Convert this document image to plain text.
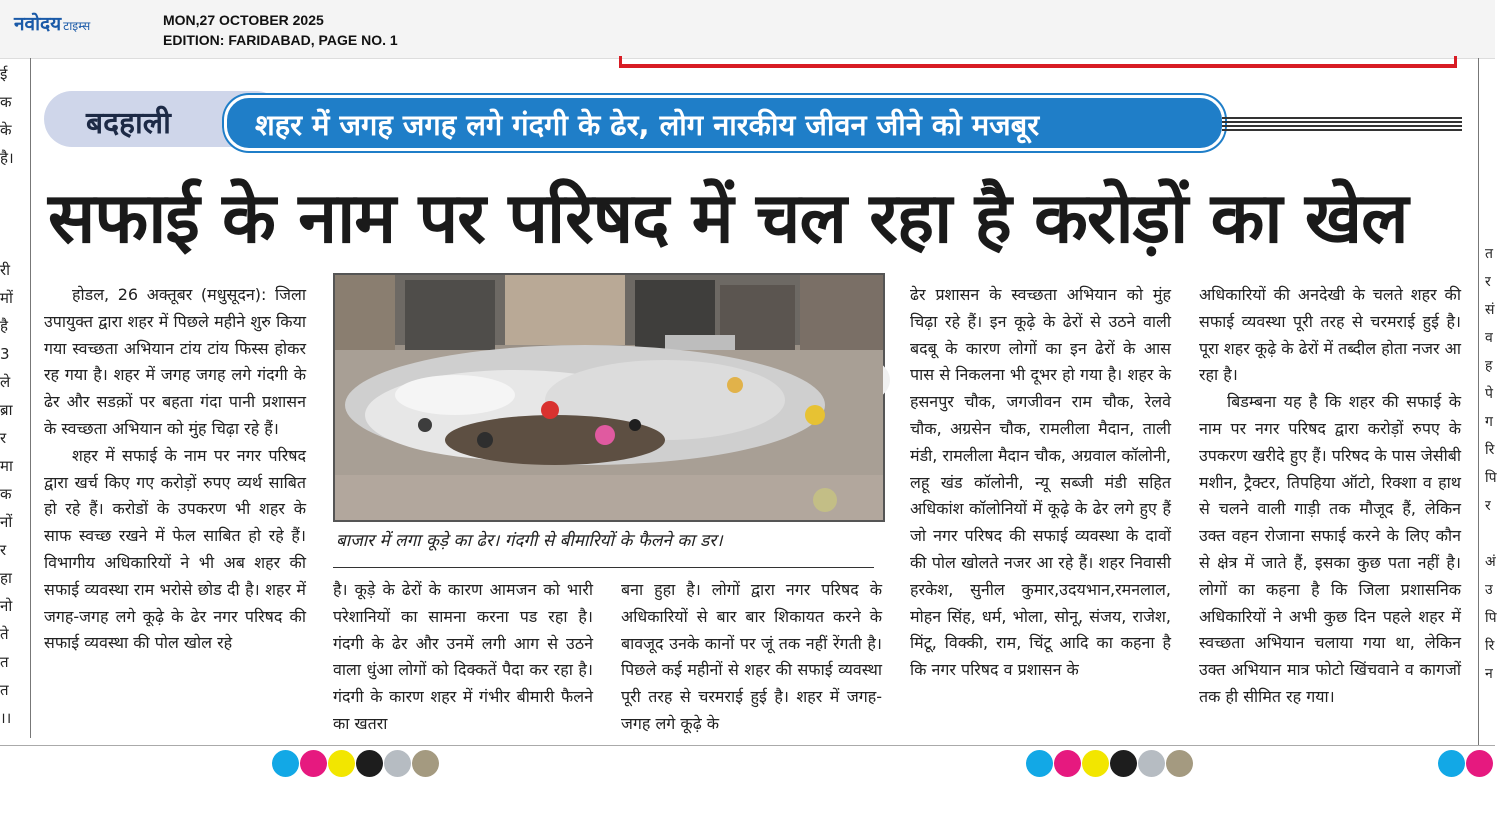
नवोदय टाइम्स	MON,27 OCTOBER 2025
EDITION: FARIDABAD, PAGE NO. 1
ई
क
के
है।

री
मों
है
3
ले
ब्रा
र
मा
क
नों
र
हा
नो
ते
त
त
।।
त
र
सं
व
ह
पे
ग
रि
पि
र

अं
उ
पि
रि
न
बदहाली	शहर में जगह जगह लगे गंदगी के ढेर, लोग नारकीय जीवन जीने को मजबूर
सफाई के नाम पर परिषद में चल रहा है करोड़ों का खेल

होडल, 26 अक्तूबर (मधुसूदन): जिला उपायुक्त द्वारा शहर में पिछले महीने शुरु किया गया स्वच्छता अभियान टांय टांय फिस्स होकर रह गया है। शहर में जगह जगह लगे गंदगी के ढेर और सडक़ों पर बहता गंदा पानी प्रशासन के स्वच्छता अभियान को मुंह चिढ़ा रहे हैं।

शहर में सफाई के नाम पर नगर परिषद द्वारा खर्च किए गए करोड़ों रुपए व्यर्थ साबित हो रहे हैं। करोडों के उपकरण भी शहर के साफ स्वच्छ रखने में फेल साबित हो रहे हैं। विभागीय अधिकारियों ने भी अब शहर की सफाई व्यवस्था राम भरोसे छोड दी है। शहर में जगह-जगह लगे कूढ़े के ढेर नगर परिषद की सफाई व्यवस्था की पोल खोल रहे

बाजार में लगा कूड़े का ढेर। गंदगी से बीमारियों के फैलने का डर।

है। कूड़े के ढेरों के कारण आमजन को भारी परेशानियों का सामना करना पड रहा है। गंदगी के ढेर और उनमें लगी आग से उठने वाला धुंआ लोगों को दिक्कतें पैदा कर रहा है। गंदगी के कारण शहर में गंभीर बीमारी फैलने का खतरा

बना हुहा है। लोगों द्वारा नगर परिषद के अधिकारियों से बार बार शिकायत करने के बावजूद उनके कानों पर जूं तक नहीं रेंगती है। पिछले कई महीनों से शहर की सफाई व्यवस्था पूरी तरह से चरमराई हुई है। शहर में जगह-जगह लगे कूढ़े के

ढेर प्रशासन के स्वच्छता अभियान को मुंह चिढ़ा रहे हैं। इन कूढ़े के ढेरों से उठने वाली बदबू के कारण लोगों का इन ढेरों के आस पास से निकलना भी दूभर हो गया है। शहर के हसनपुर चौक, जगजीवन राम चौक, रेलवे चौक, अग्रसेन चौक, रामलीला मैदान, ताली मंडी, रामलीला मैदान चौक, अग्रवाल कॉलोनी, लहू खंड कॉलोनी, न्यू सब्जी मंडी सहित अधिकांश कॉलोनियों में कूढ़े के ढेर लगे हुए हैं जो नगर परिषद की सफाई व्यवस्था के दावों की पोल खोलते नजर आ रहे हैं। शहर निवासी हरकेश, सुनील कुमार,उदयभान,रमनलाल, मोहन सिंह, धर्म, भोला, सोनू, संजय, राजेश, मिंटू, विक्की, राम, चिंटू आदि का कहना है कि नगर परिषद व प्रशासन के

अधिकारियों की अनदेखी के चलते शहर की सफाई व्यवस्था पूरी तरह से चरमराई हुई है। पूरा शहर कूढ़े के ढेरों में तब्दील होता नजर आ रहा है।

बिडम्बना यह है कि शहर की सफाई के नाम पर नगर परिषद द्वारा करोड़ों रुपए के उपकरण खरीदे हुए हैं। परिषद के पास जेसीबी मशीन, ट्रैक्टर, तिपहिया ऑटो, रिक्शा व हाथ से चलने वाली गाड़ी तक मौजूद हैं, लेकिन उक्त वहन रोजाना सफाई करने के लिए कौन से क्षेत्र में जाते हैं, इसका कुछ पता नहीं है। लोगों का कहना है कि जिला प्रशासनिक अधिकारियों ने अभी कुछ दिन पहले शहर में स्वच्छता अभियान चलाया गया था, लेकिन उक्त अभियान मात्र फोटो खिंचवाने व कागजों तक ही सीमित रह गया।
